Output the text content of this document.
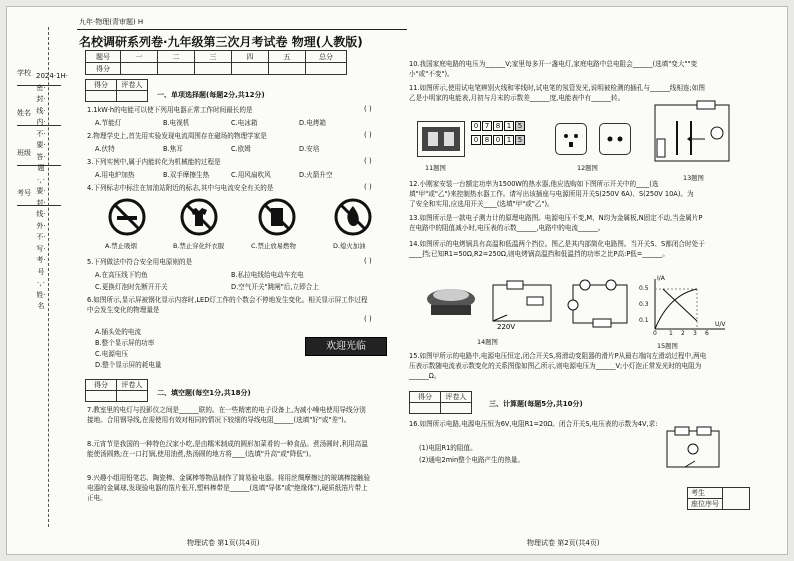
九年·物理(青审题) H
学校
姓名
班级
考号
2024·1H·密·封·线·内·不·要·答·题·，·要·封·线·外·不·写·考·号·，·姓·名
名校调研系列卷·九年级第三次月考试卷 物理(人教版)
题号	一	二	三	四	五	总分
得分						
得分	评卷人

一、单项选择题(每题2分,共12分)
1.1kW·h的电能可以使下列用电器正常工作时间最长的是	( )
A.节能灯	B.电视机	C.电冰箱	D.电烤箱
2.物理学史上,首先用实验发现电流周围存在磁场的物理学家是	( )
A.伏特	B.焦耳	C.欧姆	D.安培
3.下列实例中,属于内能转化为机械能的过程是	( )
A.用电炉加热	B.双手摩擦生热	C.用风扇吹风	D.火箭升空
4.下列标志中标注在加油站附近的标志,其中与电流安全有关的是	( )
A.禁止吸烟	B.禁止穿化纤衣服	C.禁止放易燃物	D.熄火加油
5.下列做法中符合安全用电原则的是	( )
A.在高压线下钓鱼	B.私拉电线给电动车充电
C.更换灯泡时先断开开关	D.空气开关"跳闸"后,立即合上
6.如图所示,显示屏被钢化显示内容时,LED灯工作的个数会不停地发生变化。相关显示屏工作过程中会发生变化的物理量是
( )
A.插头处的电流
B.整个显示屏的功率
C.电源电压
D.整个显示屏的耗电量
欢迎光临
得分	评卷人

二、填空题(每空1分,共18分)
7.教室里的电灯与投影仪之间是______联的。在一些精密的电子设备上,为减小噪电使用导线分别接地。合用钢导线,在需使用有效对相同的情况下较细的导线电阻______(选填"好"或"差")。
8.元宵节是我国的一种特色汉家小吃,是由糯米制成的圆形加菜肴的一种食品。煮汤圆时,利用高温能使汤圆熟;在一口打锅,使用油煮,热汤圆的地方将____(选填"升高"或"降低")。
9.兴趣小组用铅笔芯、陶瓷棒、金属棒等物品制作了简易验电器。将用丝绸摩擦过的玻璃棒接触验电器的金属球,发现验电器的箔片张开,塑料棒带是______(选填"导体"或"绝缘体"),硬质纸箔片带上正电。
物理试卷 第1页(共4页)
10.我国家庭电路的电压为______V;家里每多开一盏电灯,家庭电路中总电阻会______(选填"变大""变小"或"不变")。
11.如图所示,使用试电笔辨别火线和零线时,试电笔的氖管发光,说明被检测的插孔与______线相连;如图乙是小明家的电能表,月初与月末的示数差______度,电能表中有______转。
0 7 8 1 5
0 8 0 1 5
11题图	12题图
13题图
12.小刚家安装一台额定功率为1500W的热水器,他应选购如下图所示开关中的____(选填"甲"或"乙")来控制热水器工作。请写出该插座与电源所用开关S(250V 6A)、S(250V 10A)。为了安全和实用,应选用开关____(选填"甲"或"乙")。
13.如图所示是一款电子测力计的原理电路图。电源电压不变,M、N均为金属板,N固定不动,当金属片P在电路中的阻值减小时,电压表的示数______,电路中的电流______。
14.如图所示的电烤锅具有高温和低温两个挡位。图乙是其内部简化电路图。当开关S、S都闭合时处于____挡;已知R1=50Ω,R2=250Ω,则电烤锅高温挡和低温挡的功率之比P高:P低=______。
220V
I/A
0.5
0.3
0.1
0 1 2 3 6
U/V
14题图	15题图
15.如图甲所示的电路中,电源电压恒定,闭合开关S,将滑动变阻器的滑片P从最右端向左滑动过程中,两电压表示数随电流表示数变化的关系图像如图乙所示,则电源电压为______V;小灯泡正常发光时的电阻为______Ω。
得分	评卷人

三、计算题(每题5分,共10分)
16.如图所示电路,电源电压恒为6V,电阻R1=20Ω。闭合开关S,电压表的示数为4V,求:
(1)电阻R1的阻值。
(2)通电2min整个电路产生的热量。
考生	
座位序号
物理试卷 第2页(共4页)
